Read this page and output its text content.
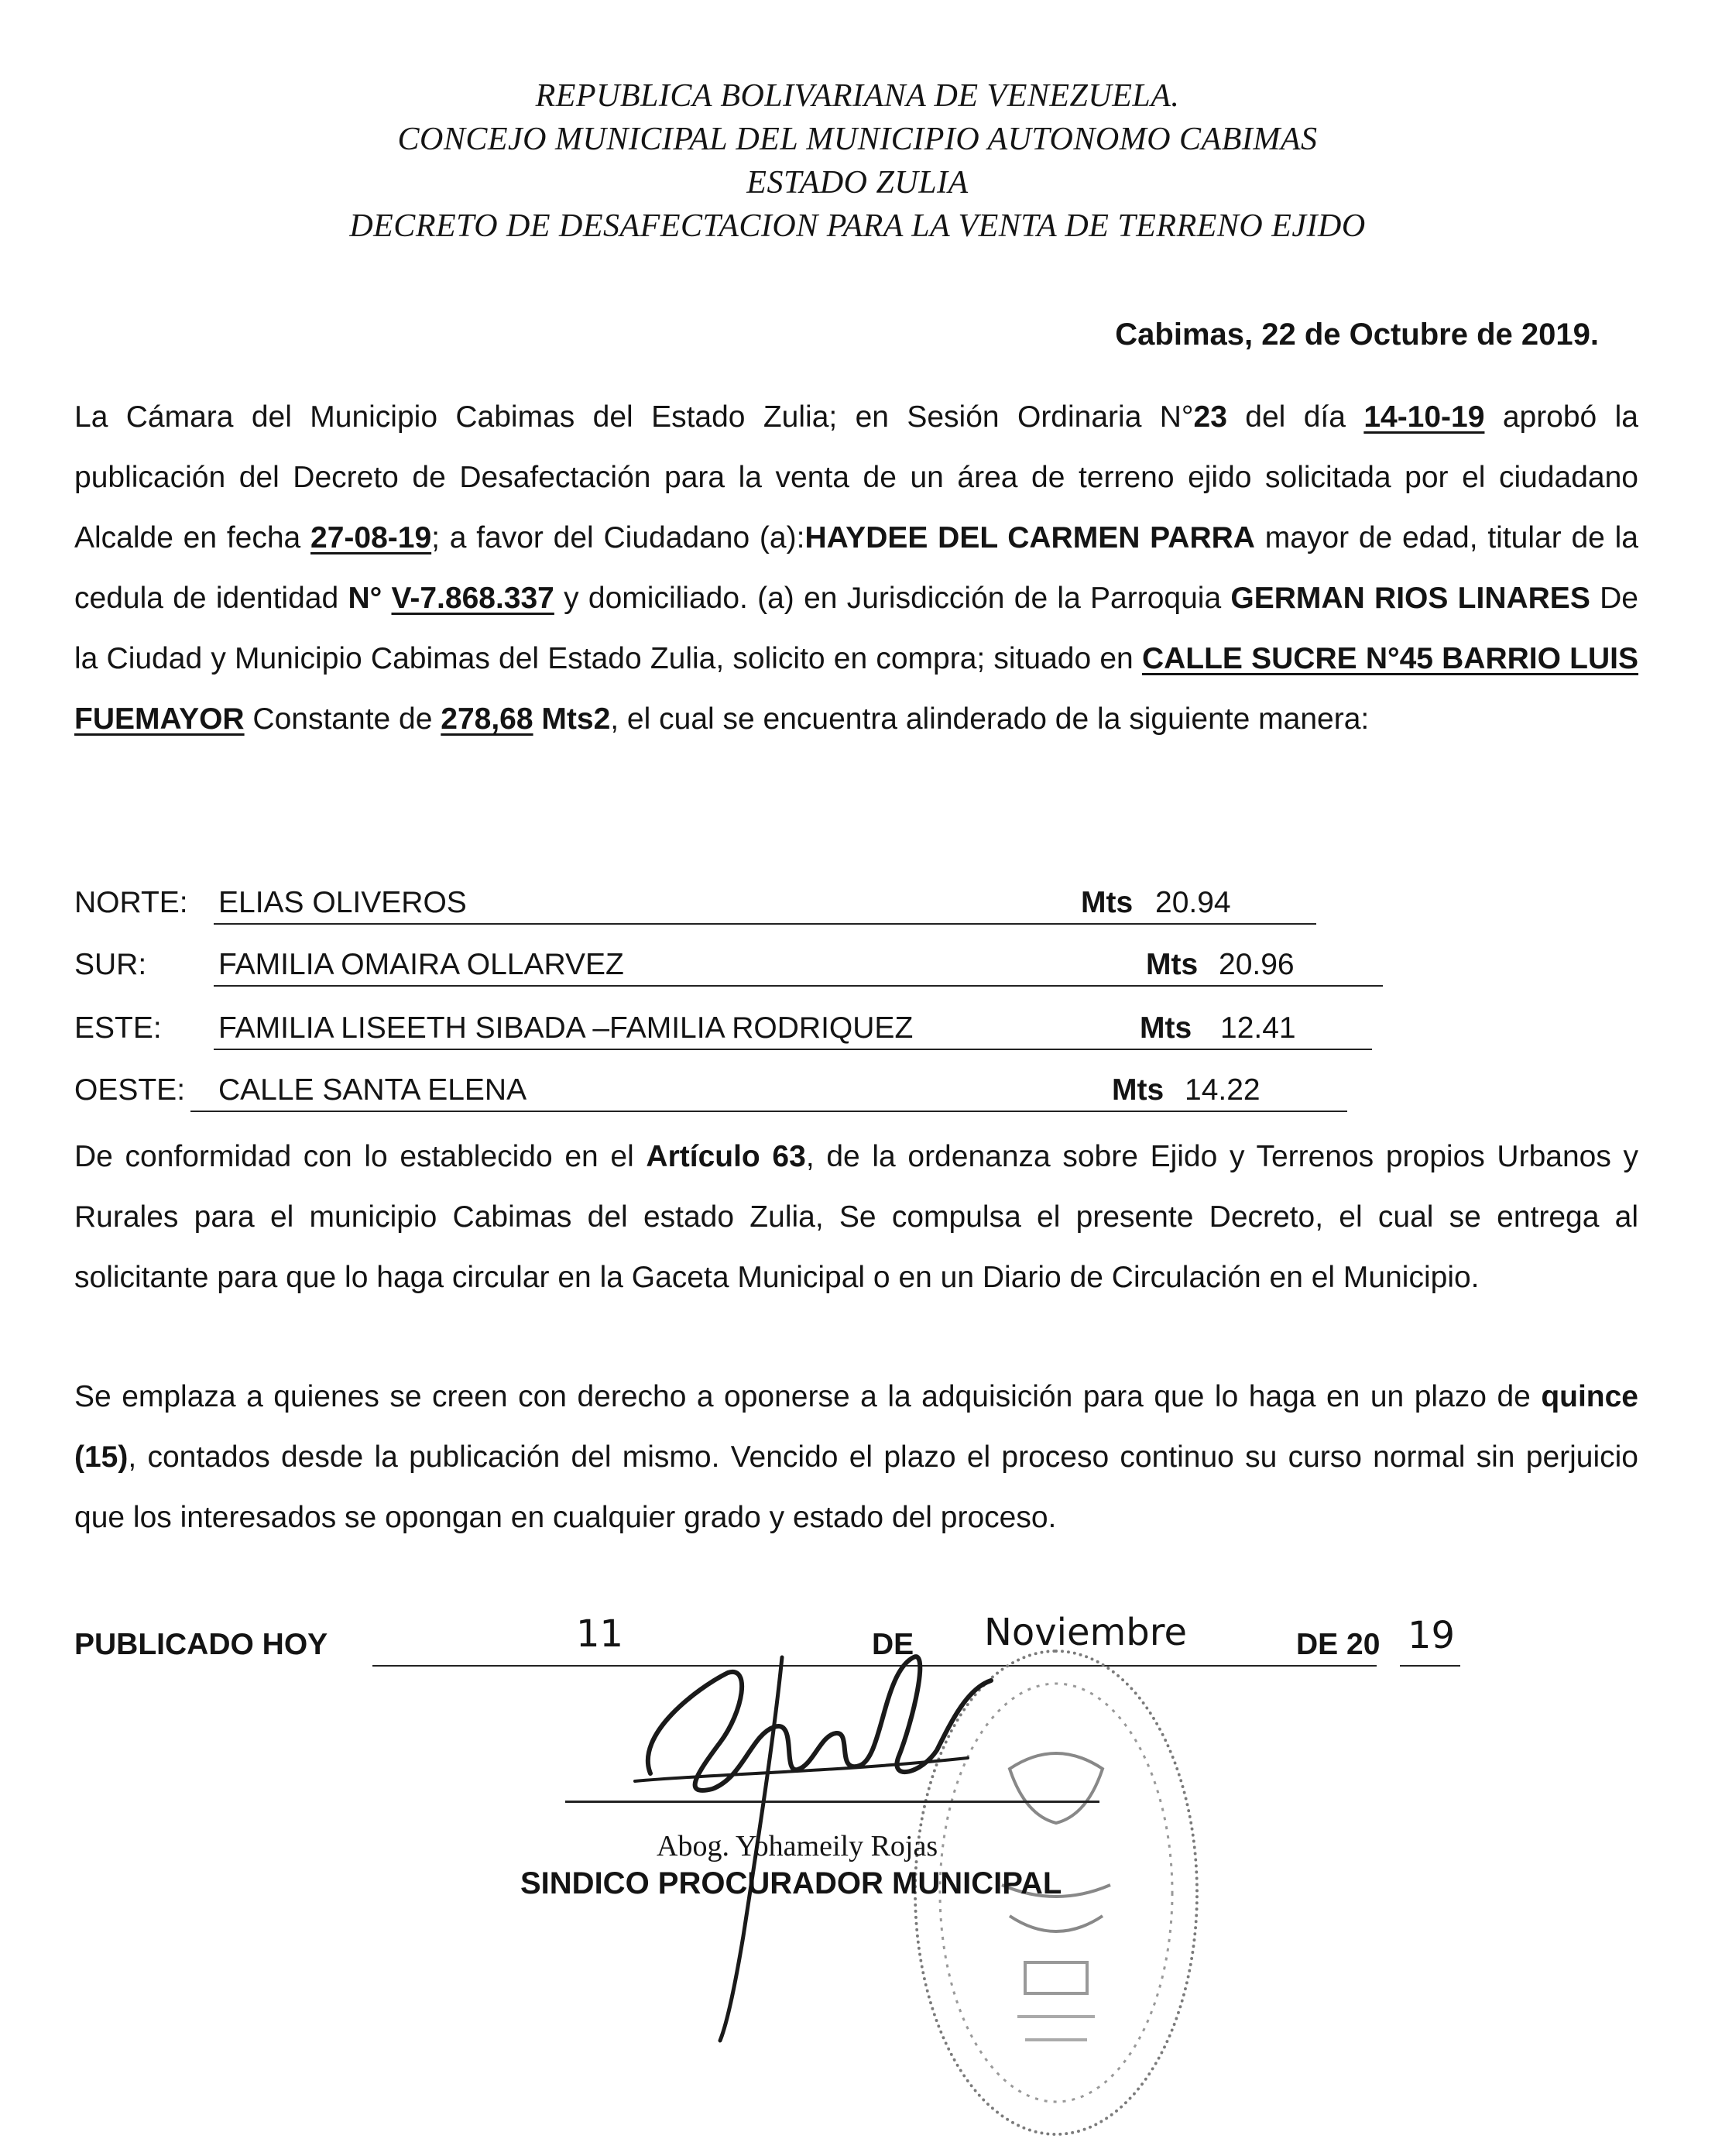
REPUBLICA BOLIVARIANA DE VENEZUELA.
CONCEJO MUNICIPAL DEL MUNICIPIO AUTONOMO CABIMAS
ESTADO ZULIA
DECRETO DE DESAFECTACION PARA LA VENTA DE TERRENO EJIDO
Cabimas, 22 de Octubre de 2019.
La Cámara del Municipio Cabimas del Estado Zulia; en Sesión Ordinaria N°23 del día 14-10-19 aprobó la publicación del Decreto de Desafectación para la venta de un área de terreno ejido solicitada por el ciudadano Alcalde en fecha 27-08-19; a favor del Ciudadano (a):HAYDEE DEL CARMEN PARRA mayor de edad, titular de la cedula de identidad N° V-7.868.337 y domiciliado. (a) en Jurisdicción de la Parroquia GERMAN RIOS LINARES De la Ciudad y Municipio Cabimas del Estado Zulia, solicito en compra; situado en CALLE SUCRE N°45 BARRIO LUIS FUEMAYOR Constante de 278,68 Mts2, el cual se encuentra alinderado de la siguiente manera:
NORTE: ELIAS OLIVEROS	Mts 20.94
SUR: FAMILIA OMAIRA OLLARVEZ	Mts 20.96
ESTE: FAMILIA LISEETH SIBADA –FAMILIA RODRIQUEZ	Mts 12.41
OESTE: CALLE SANTA ELENA	Mts 14.22
De conformidad con lo establecido en el Artículo 63, de la ordenanza sobre Ejido y Terrenos propios Urbanos y Rurales para el municipio Cabimas del estado Zulia, Se compulsa el presente Decreto, el cual se entrega al solicitante para que lo haga circular en la Gaceta Municipal o en un Diario de Circulación en el Municipio.
Se emplaza a quienes se creen con derecho a oponerse a la adquisición para que lo haga en un plazo de quince (15), contados desde la publicación del mismo. Vencido el plazo el proceso continuo su curso normal sin perjuicio que los interesados se opongan en cualquier grado y estado del proceso.
PUBLICADO HOY	11	DE Noviembre	DE 20 19
Abog. Yohameily Rojas
SINDICO PROCURADOR MUNICIPAL
